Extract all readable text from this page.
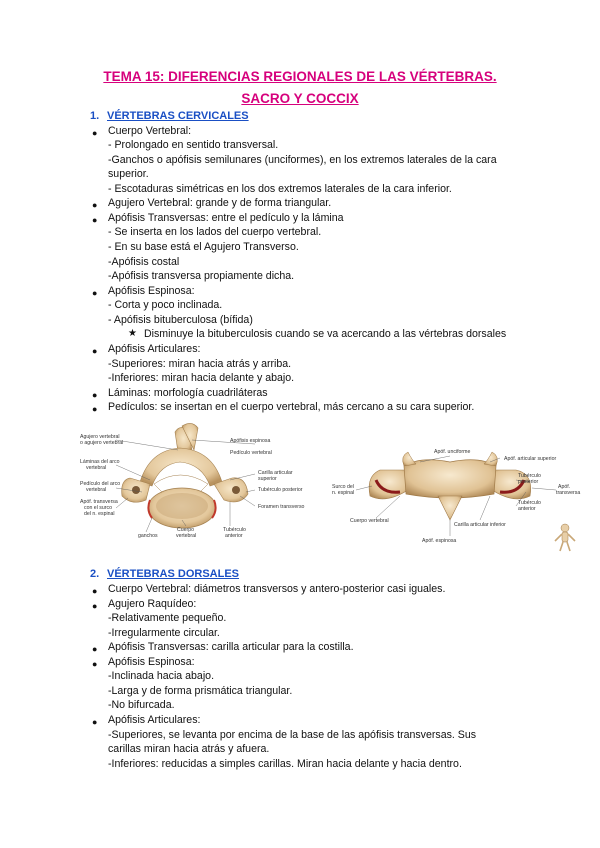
TEMA 15: DIFERENCIAS REGIONALES DE LAS VÉRTEBRAS.
SACRO Y COCCIX
1. VÉRTEBRAS CERVICALES
● Cuerpo Vertebral:
- Prolongado en sentido transversal.
-Ganchos o apófisis semilunares (unciformes), en los extremos laterales de la cara
superior.
- Escotaduras simétricas en los dos extremos laterales de la cara inferior.
● Agujero Vertebral: grande y de forma triangular.
● Apófisis Transversas: entre el pedículo y la lámina
- Se inserta en los lados del cuerpo vertebral.
- En su base está el Agujero Transverso.
-Apófisis costal
-Apófisis transversa propiamente dicha.
● Apófisis Espinosa:
- Corta y poco inclinada.
- Apófisis bituberculosa (bífida)
★ Disminuye la bituberculosis cuando se va acercando a las vértebras dorsales
● Apófisis Articulares:
-Superiores: miran hacia atrás y arriba.
-Inferiores: miran hacia delante y abajo.
● Láminas: morfología cuadriláteras
● Pedículos: se insertan en el cuerpo vertebral, más cercano a su cara superior.
Agujero vertebral
o agujero vertebral	Apófisis espinosa
Pedículo vertebral
Láminas del arco
vertebral
Carilla articular
superior
Pedículo del arco
vertebral	Tubérculo posterior
Apóf. transversa
con el surco
del n. espinal
Foramen transverso
Tubérculo
anterior
Cuerpo
vertebral
ganchos
Apóf. unciforme
Apóf. articular superior
Surco del
n. espinal
Tubérculo
posterior
Apóf.
transversa
Tubérculo
anterior
Cuerpo vertebral
Carilla articular inferior
Apóf. espinosa
2. VÉRTEBRAS DORSALES
● Cuerpo Vertebral: diámetros transversos y antero-posterior casi iguales.
● Agujero Raquídeo:
-Relativamente pequeño.
-Irregularmente circular.
● Apófisis Transversas: carilla articular para la costilla.
● Apófisis Espinosa:
-Inclinada hacia abajo.
-Larga y de forma prismática triangular.
-No bifurcada.
● Apófisis Articulares:
-Superiores, se levanta por encima de la base de las apófisis transversas. Sus
carillas miran hacia atrás y afuera.
-Inferiores: reducidas a simples carillas. Miran hacia delante y hacia dentro.
